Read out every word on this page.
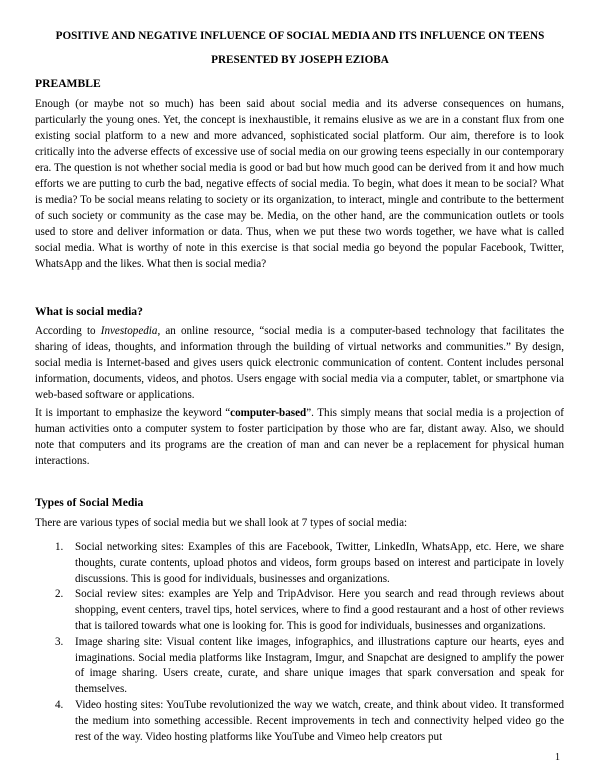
POSITIVE AND NEGATIVE INFLUENCE OF SOCIAL MEDIA AND ITS INFLUENCE ON TEENS
PRESENTED BY JOSEPH EZIOBA
PREAMBLE

Enough (or maybe not so much) has been said about social media and its adverse consequences on humans, particularly the young ones. Yet, the concept is inexhaustible, it remains elusive as we are in a constant flux from one existing social platform to a new and more advanced, sophisticated social platform. Our aim, therefore is to look critically into the adverse effects of excessive use of social media on our growing teens especially in our contemporary era. The question is not whether social media is good or bad but how much good can be derived from it and how much efforts we are putting to curb the bad, negative effects of social media. To begin, what does it mean to be social? What is media? To be social means relating to society or its organization, to interact, mingle and contribute to the betterment of such society or community as the case may be. Media, on the other hand, are the communication outlets or tools used to store and deliver information or data. Thus, when we put these two words together, we have what is called social media. What is worthy of note in this exercise is that social media go beyond the popular Facebook, Twitter, WhatsApp and the likes. What then is social media?

What is social media?

According to Investopedia, an online resource, “social media is a computer-based technology that facilitates the sharing of ideas, thoughts, and information through the building of virtual networks and communities.” By design, social media is Internet-based and gives users quick electronic communication of content. Content includes personal information, documents, videos, and photos. Users engage with social media via a computer, tablet, or smartphone via web-based software or applications.

It is important to emphasize the keyword “computer-based”. This simply means that social media is a projection of human activities onto a computer system to foster participation by those who are far, distant away. Also, we should note that computers and its programs are the creation of man and can never be a replacement for physical human interactions.

Types of Social Media

There are various types of social media but we shall look at 7 types of social media:

1.	Social networking sites: Examples of this are Facebook, Twitter, LinkedIn, WhatsApp, etc. Here, we share thoughts, curate contents, upload photos and videos, form groups based on interest and participate in lovely discussions. This is good for individuals, businesses and organizations.
2.	Social review sites: examples are Yelp and TripAdvisor. Here you search and read through reviews about shopping, event centers, travel tips, hotel services, where to find a good restaurant and a host of other reviews that is tailored towards what one is looking for. This is good for individuals, businesses and organizations.
3.	Image sharing site: Visual content like images, infographics, and illustrations capture our hearts, eyes and imaginations. Social media platforms like Instagram, Imgur, and Snapchat are designed to amplify the power of image sharing. Users create, curate, and share unique images that spark conversation and speak for themselves.
4.	Video hosting sites: YouTube revolutionized the way we watch, create, and think about video. It transformed the medium into something accessible. Recent improvements in tech and connectivity helped video go the rest of the way. Video hosting platforms like YouTube and Vimeo help creators put
1
